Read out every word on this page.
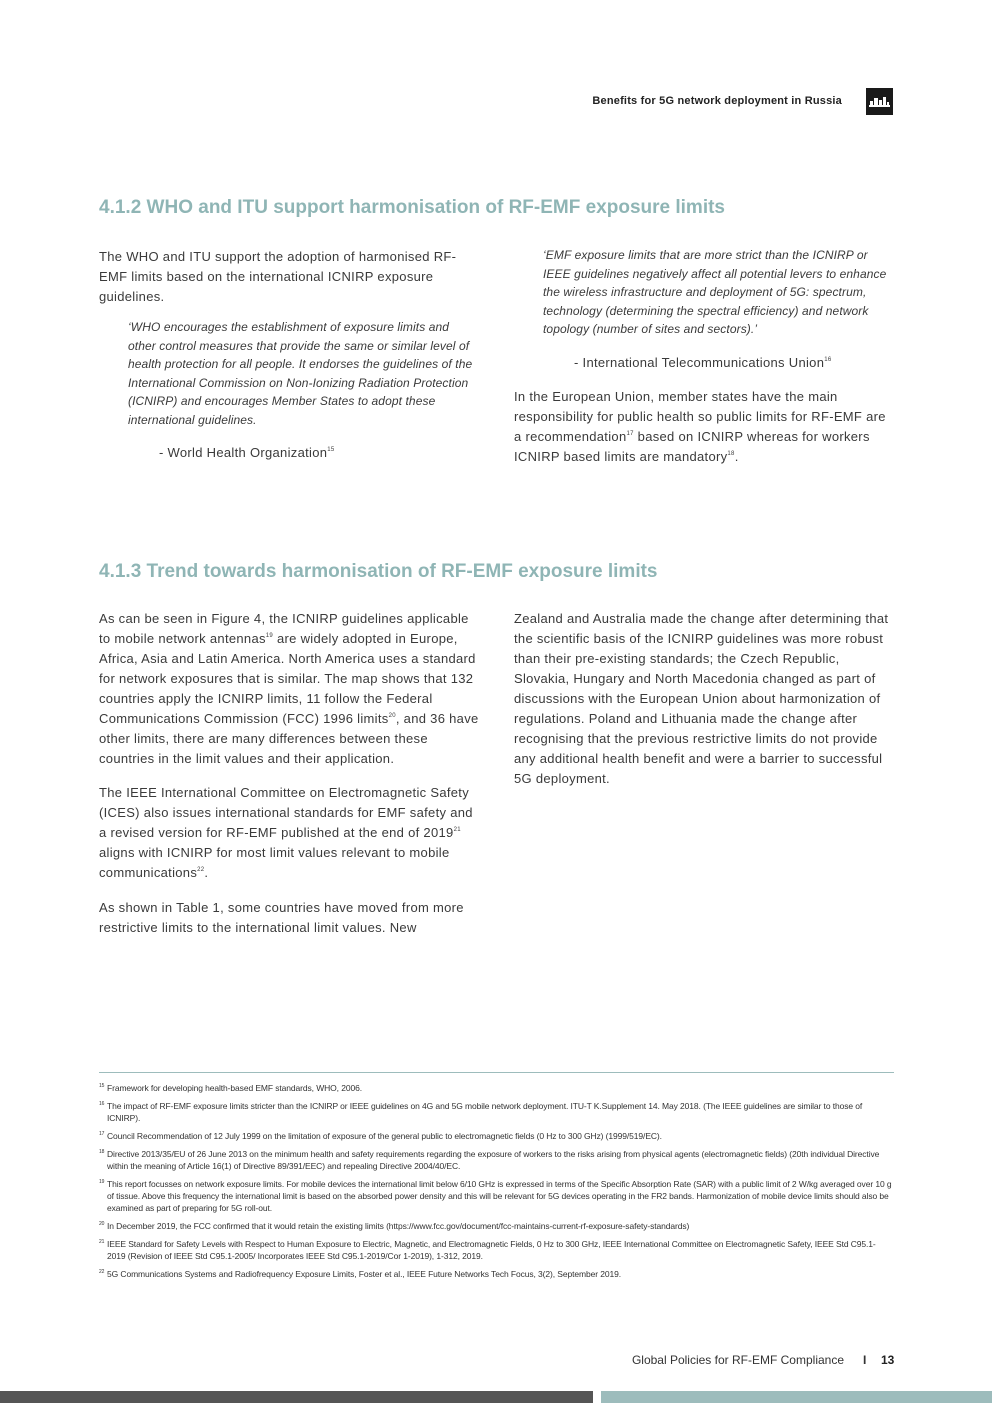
Benefits for 5G network deployment in Russia
4.1.2 WHO and ITU support harmonisation of RF-EMF exposure limits

The WHO and ITU support the adoption of harmonised RF-EMF limits based on the international ICNIRP exposure guidelines.

‘WHO encourages the establishment of exposure limits and other control measures that provide the same or similar level of health protection for all people. It endorses the guidelines of the International Commission on Non-Ionizing Radiation Protection (ICNIRP) and encourages Member States to adopt these international guidelines.

- World Health Organization$^{15}$

‘EMF exposure limits that are more strict than the ICNIRP or IEEE guidelines negatively affect all potential levers to enhance the wireless infrastructure and deployment of 5G: spectrum, technology (determining the spectral efficiency) and network topology (number of sites and sectors).’

- International Telecommunications Union$^{16}$

In the European Union, member states have the main responsibility for public health so public limits for RF-EMF are a recommendation$^{17}$ based on ICNIRP whereas for workers ICNIRP based limits are mandatory$^{18}$.

4.1.3 Trend towards harmonisation of RF-EMF exposure limits

As can be seen in Figure 4, the ICNIRP guidelines applicable to mobile network antennas$^{19}$ are widely adopted in Europe, Africa, Asia and Latin America. North America uses a standard for network exposures that is similar. The map shows that 132 countries apply the ICNIRP limits, 11 follow the Federal Communications Commission (FCC) 1996 limits$^{20}$, and 36 have other limits, there are many differences between these countries in the limit values and their application.

The IEEE International Committee on Electromagnetic Safety (ICES) also issues international standards for EMF safety and a revised version for RF-EMF published at the end of 2019$^{21}$ aligns with ICNIRP for most limit values relevant to mobile communications$^{22}$.

As shown in Table 1, some countries have moved from more restrictive limits to the international limit values. New

Zealand and Australia made the change after determining that the scientific basis of the ICNIRP guidelines was more robust than their pre-existing standards; the Czech Republic, Slovakia, Hungary and North Macedonia changed as part of discussions with the European Union about harmonization of regulations. Poland and Lithuania made the change after recognising that the previous restrictive limits do not provide any additional health benefit and were a barrier to successful 5G deployment.

15 Framework for developing health-based EMF standards, WHO, 2006.
16 The impact of RF-EMF exposure limits stricter than the ICNIRP or IEEE guidelines on 4G and 5G mobile network deployment. ITU-T K.Supplement 14. May 2018. (The IEEE guidelines are similar to those of ICNIRP).
17 Council Recommendation of 12 July 1999 on the limitation of exposure of the general public to electromagnetic fields (0 Hz to 300 GHz) (1999/519/EC).
18 Directive 2013/35/EU of 26 June 2013 on the minimum health and safety requirements regarding the exposure of workers to the risks arising from physical agents (electromagnetic fields) (20th individual Directive within the meaning of Article 16(1) of Directive 89/391/EEC) and repealing Directive 2004/40/EC.
19 This report focusses on network exposure limits. For mobile devices the international limit below 6/10 GHz is expressed in terms of the Specific Absorption Rate (SAR) with a public limit of 2 W/kg averaged over 10 g of tissue. Above this frequency the international limit is based on the absorbed power density and this will be relevant for 5G devices operating in the FR2 bands. Harmonization of mobile device limits should also be examined as part of preparing for 5G roll-out.
20 In December 2019, the FCC confirmed that it would retain the existing limits (https://www.fcc.gov/document/fcc-maintains-current-rf-exposure-safety-standards)
21 IEEE Standard for Safety Levels with Respect to Human Exposure to Electric, Magnetic, and Electromagnetic Fields, 0 Hz to 300 GHz, IEEE International Committee on Electromagnetic Safety, IEEE Std C95.1-2019 (Revision of IEEE Std C95.1-2005/ Incorporates IEEE Std C95.1-2019/Cor 1-2019), 1-312, 2019.
22 5G Communications Systems and Radiofrequency Exposure Limits, Foster et al., IEEE Future Networks Tech Focus, 3(2), September 2019.
Global Policies for RF-EMF Compliance I 13
